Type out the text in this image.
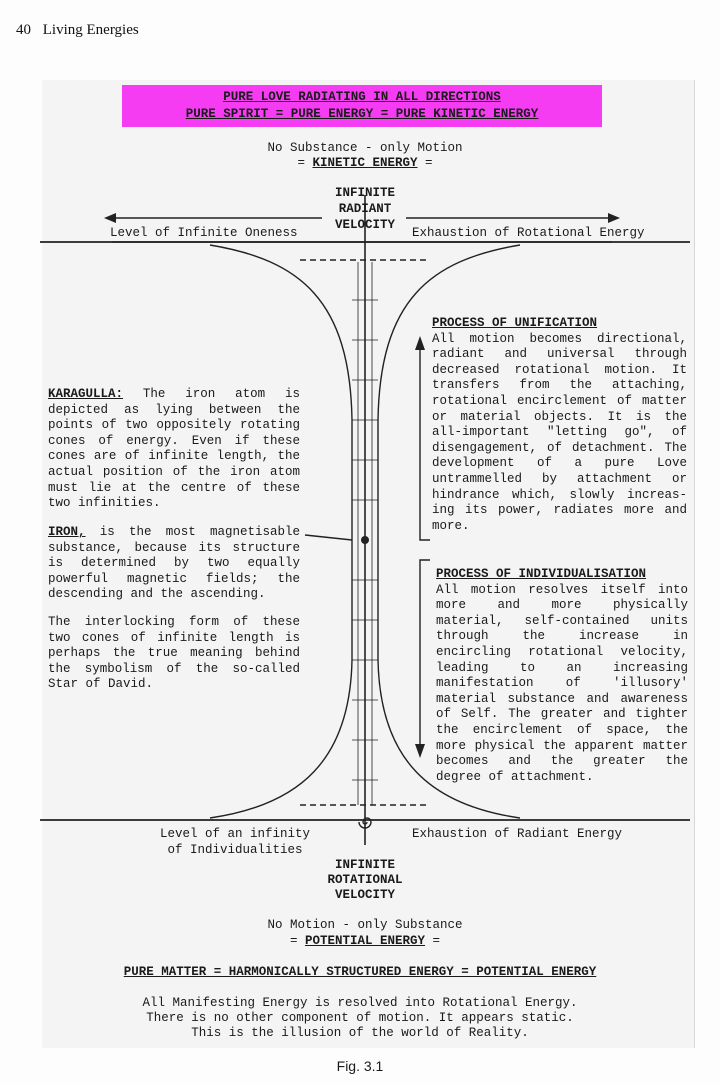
40 Living Energies
PURE LOVE RADIATING IN ALL DIRECTIONS
PURE SPIRIT = PURE ENERGY = PURE KINETIC ENERGY
No Substance - only Motion
= KINETIC ENERGY =
INFINITE
RADIANT
VELOCITY
Level of Infinite Oneness	Exhaustion of Rotational Energy
PROCESS OF UNIFICATION
All motion becomes directional, radiant and universal through decreased rotational motion. It transfers from the attaching, rotational encirclement of matter or material objects. It is the all-important "letting go", of disengagement, of detachment. The development of a pure Love untrammelled by attachment or hindrance which, slowly increas-ing its power, radiates more and more.
PROCESS OF INDIVIDUALISATION
All motion resolves itself into more and more physically material, self-contained units through the increase in encircling rotational velocity, leading to an increasing manifestation of 'illusory' material substance and awareness of Self. The greater and tighter the encirclement of space, the more physical the apparent matter becomes and the greater the degree of attachment.
KARAGULLA: The iron atom is depicted as lying between the points of two oppositely rotating cones of energy. Even if these cones are of infinite length, the actual position of the iron atom must lie at the centre of these two infinities.
IRON, is the most magnetisable substance, because its structure is determined by two equally powerful magnetic fields; the descending and the ascending.
The interlocking form of these two cones of infinite length is perhaps the true meaning behind the symbolism of the so-called Star of David.
Level of an infinity
of Individualities
Exhaustion of Radiant Energy
INFINITE
ROTATIONAL
VELOCITY
No Motion - only Substance
= POTENTIAL ENERGY =
PURE MATTER = HARMONICALLY STRUCTURED ENERGY = POTENTIAL ENERGY
All Manifesting Energy is resolved into Rotational Energy.
There is no other component of motion. It appears static.
This is the illusion of the world of Reality.
Fig. 3.1
